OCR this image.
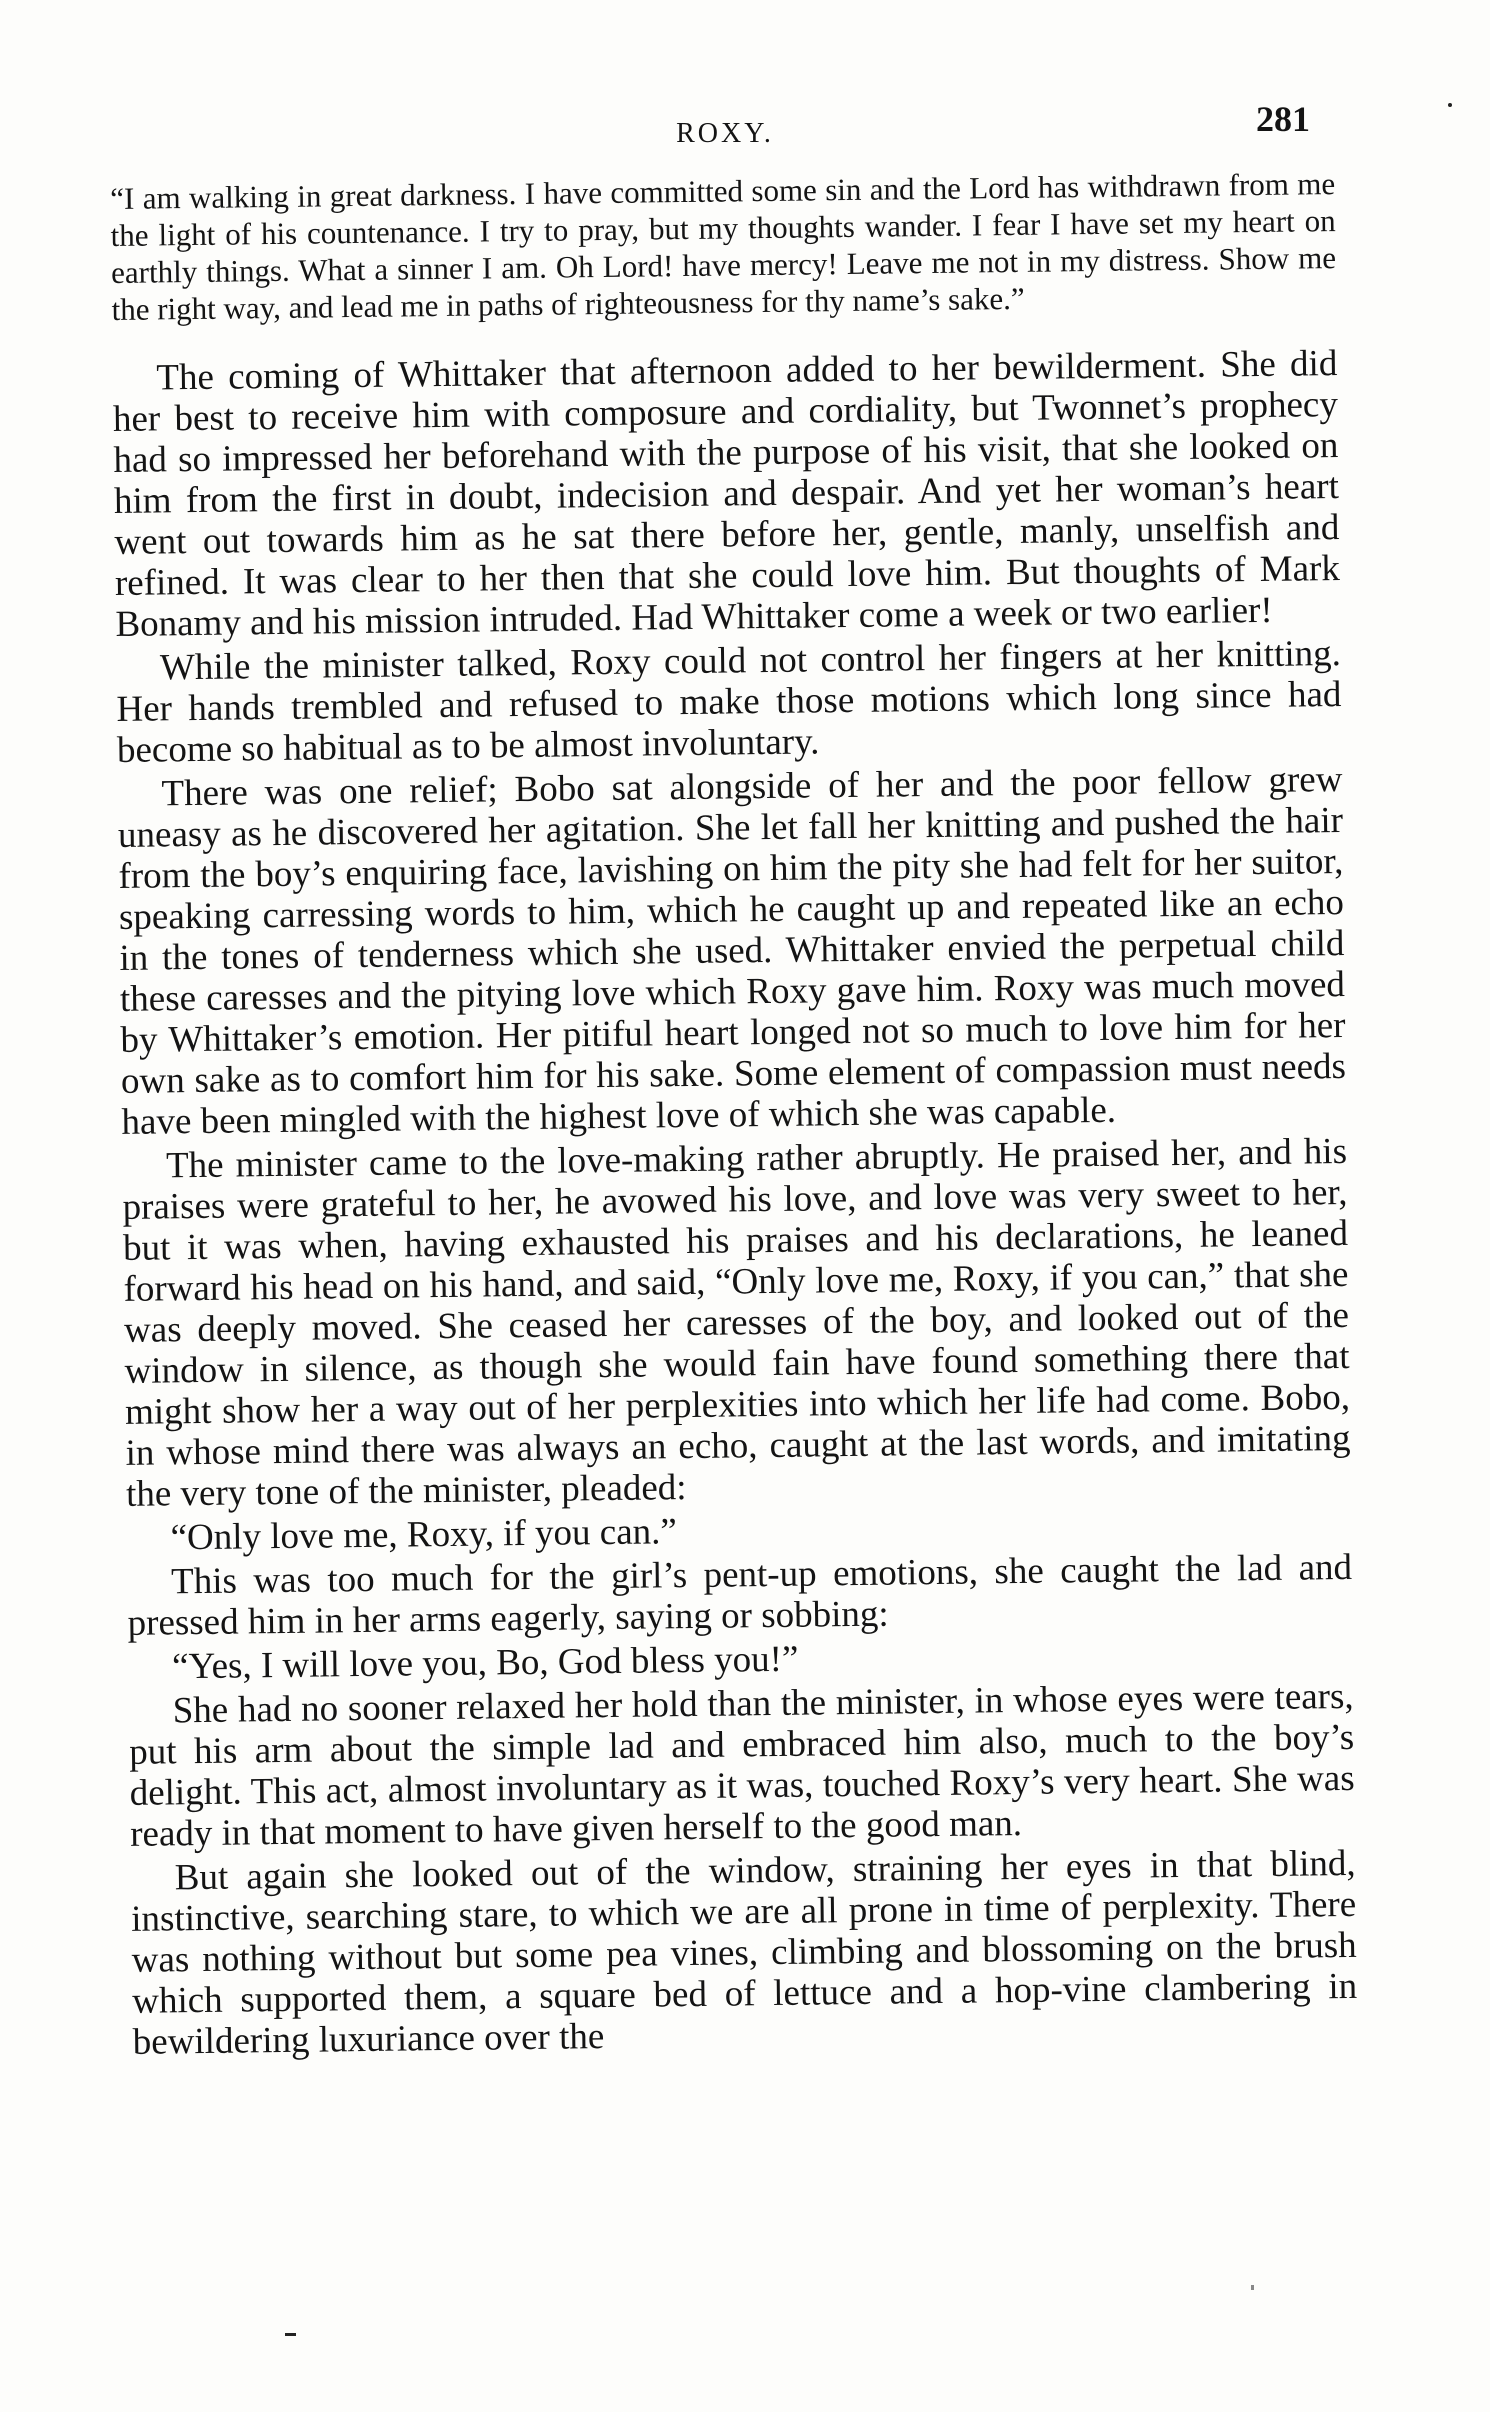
ROXY.	281

“I am walking in great darkness. I have committed some sin and the Lord has withdrawn from me the light of his countenance. I try to pray, but my thoughts wander. I fear I have set my heart on earthly things. What a sinner I am. Oh Lord! have mercy! Leave me not in my distress. Show me the right way, and lead me in paths of righteousness for thy name’s sake.”

The coming of Whittaker that afternoon added to her bewilderment. She did her best to receive him with composure and cordiality, but Twonnet’s prophecy had so impressed her beforehand with the purpose of his visit, that she looked on him from the first in doubt, indecision and despair. And yet her woman’s heart went out towards him as he sat there before her, gentle, manly, unselfish and refined. It was clear to her then that she could love him. But thoughts of Mark Bonamy and his mission intruded. Had Whittaker come a week or two earlier!

While the minister talked, Roxy could not control her fingers at her knitting. Her hands trembled and refused to make those motions which long since had become so habitual as to be almost involuntary.

There was one relief; Bobo sat alongside of her and the poor fellow grew uneasy as he discovered her agitation. She let fall her knitting and pushed the hair from the boy’s enquiring face, lavishing on him the pity she had felt for her suitor, speaking carressing words to him, which he caught up and repeated like an echo in the tones of tenderness which she used. Whittaker envied the perpetual child these caresses and the pitying love which Roxy gave him. Roxy was much moved by Whittaker’s emotion. Her pitiful heart longed not so much to love him for her own sake as to comfort him for his sake. Some element of compassion must needs have been mingled with the highest love of which she was capable.

The minister came to the love-making rather abruptly. He praised her, and his praises were grateful to her, he avowed his love, and love was very sweet to her, but it was when, having exhausted his praises and his declarations, he leaned forward his head on his hand, and said, “Only love me, Roxy, if you can,” that she was deeply moved. She ceased her caresses of the boy, and looked out of the window in silence, as though she would fain have found something there that might show her a way out of her perplexities into which her life had come. Bobo, in whose mind there was always an echo, caught at the last words, and imitating the very tone of the minister, pleaded:

“Only love me, Roxy, if you can.”

This was too much for the girl’s pent-up emotions, she caught the lad and pressed him in her arms eagerly, saying or sobbing:

“Yes, I will love you, Bo, God bless you!”

She had no sooner relaxed her hold than the minister, in whose eyes were tears, put his arm about the simple lad and embraced him also, much to the boy’s delight. This act, almost involuntary as it was, touched Roxy’s very heart. She was ready in that moment to have given herself to the good man.

But again she looked out of the window, straining her eyes in that blind, instinctive, searching stare, to which we are all prone in time of perplexity. There was nothing without but some pea vines, climbing and blossoming on the brush which supported them, a square bed of lettuce and a hop-vine clambering in bewildering luxuriance over the
